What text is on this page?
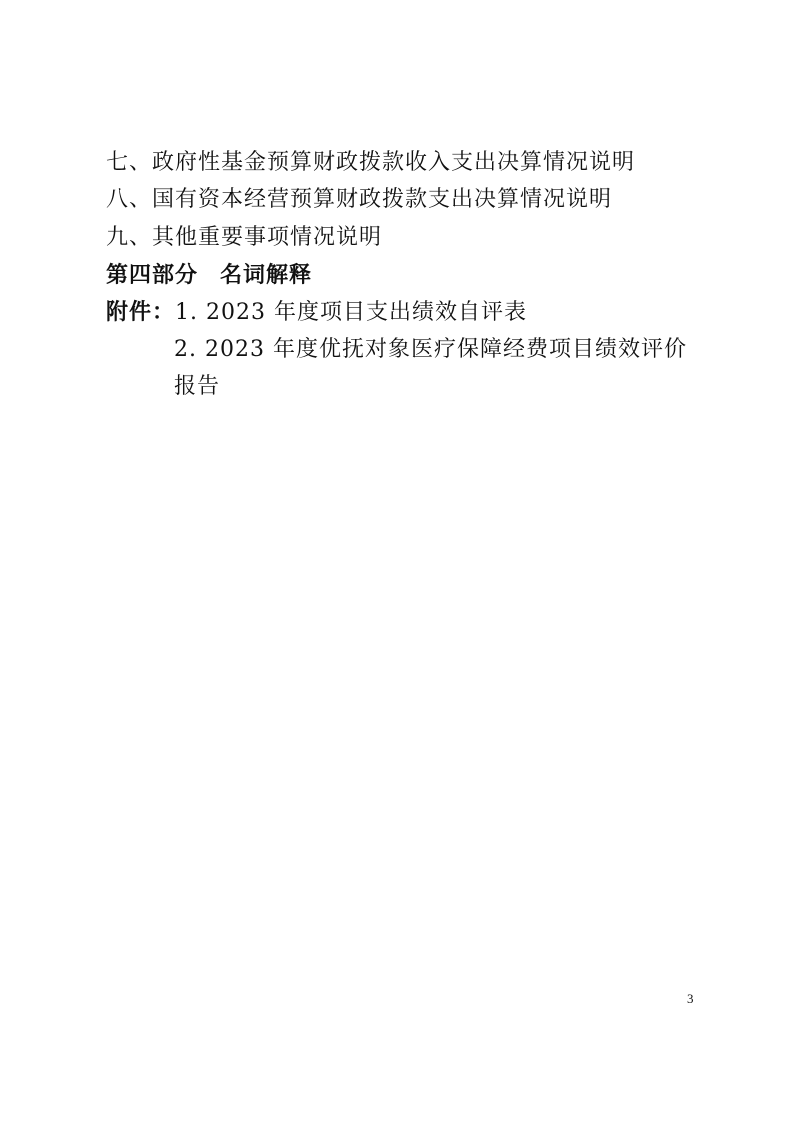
七、政府性基金预算财政拨款收入支出决算情况说明
八、国有资本经营预算财政拨款支出决算情况说明
九、其他重要事项情况说明
第四部分 名词解释
附件：1. 2023 年度项目支出绩效自评表
2. 2023 年度优抚对象医疗保障经费项目绩效评价
报告
3
